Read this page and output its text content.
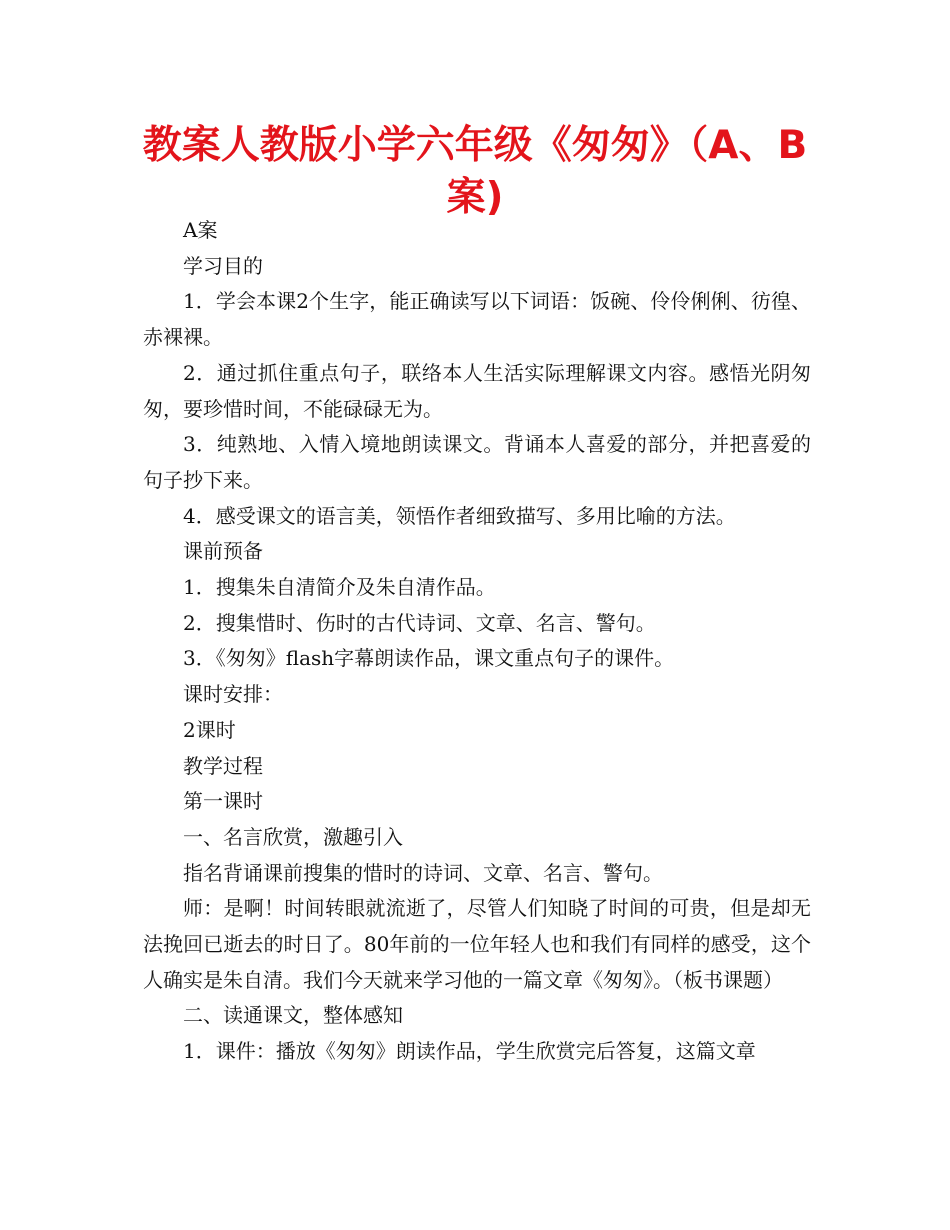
教案人教版小学六年级《匆匆》（A、B案)

A案

学习目的

1．学会本课2个生字，能正确读写以下词语：饭碗、伶伶俐俐、彷徨、赤裸裸。

2．通过抓住重点句子，联络本人生活实际理解课文内容。感悟光阴匆匆，要珍惜时间，不能碌碌无为。

3．纯熟地、入情入境地朗读课文。背诵本人喜爱的部分，并把喜爱的句子抄下来。

4．感受课文的语言美，领悟作者细致描写、多用比喻的方法。

课前预备

1．搜集朱自清简介及朱自清作品。

2．搜集惜时、伤时的古代诗词、文章、名言、警句。

3．《匆匆》flash字幕朗读作品，课文重点句子的课件。

课时安排：

2课时

教学过程

第一课时

一、名言欣赏，激趣引入

指名背诵课前搜集的惜时的诗词、文章、名言、警句。

师：是啊！时间转眼就流逝了，尽管人们知晓了时间的可贵，但是却无法挽回已逝去的时日了。80年前的一位年轻人也和我们有同样的感受，这个人确实是朱自清。我们今天就来学习他的一篇文章《匆匆》。（板书课题）

二、读通课文，整体感知

1．课件：播放《匆匆》朗读作品，学生欣赏完后答复，这篇文章
